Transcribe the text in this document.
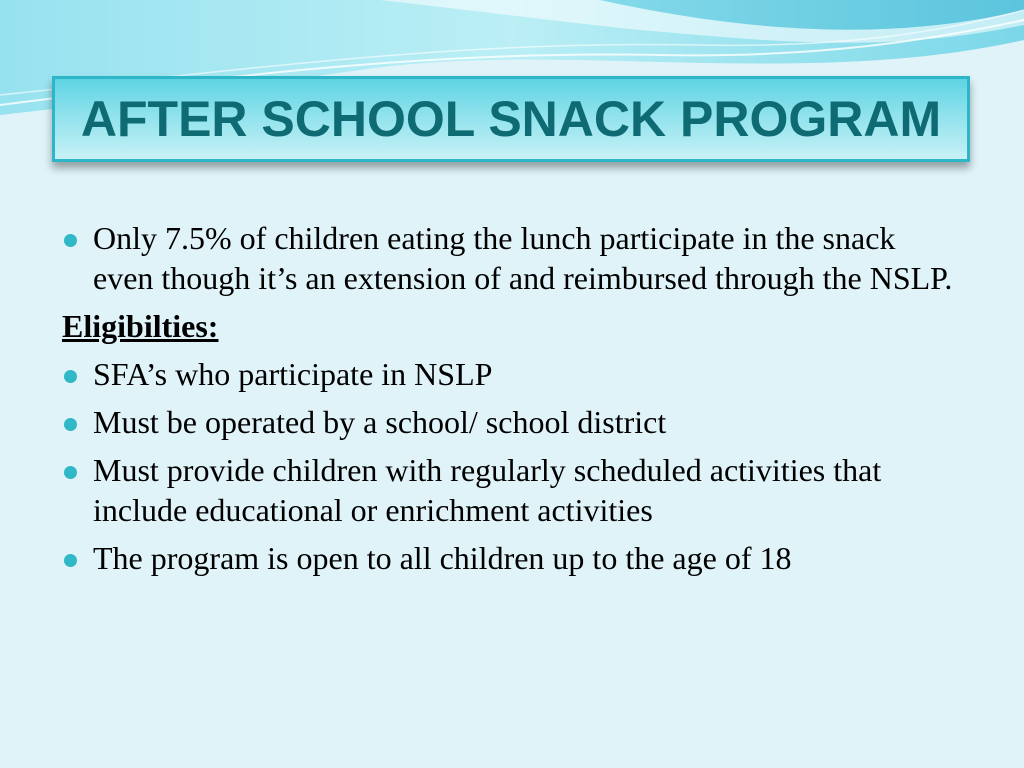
AFTER SCHOOL SNACK PROGRAM
Only 7.5% of children eating the lunch participate in the snack even though it’s an extension of and reimbursed through the NSLP.
Eligibilties:
SFA’s who participate in NSLP
Must be operated by a school/ school district
Must provide children with regularly scheduled activities that include educational or enrichment activities
The program is open to all children up to the age of 18
